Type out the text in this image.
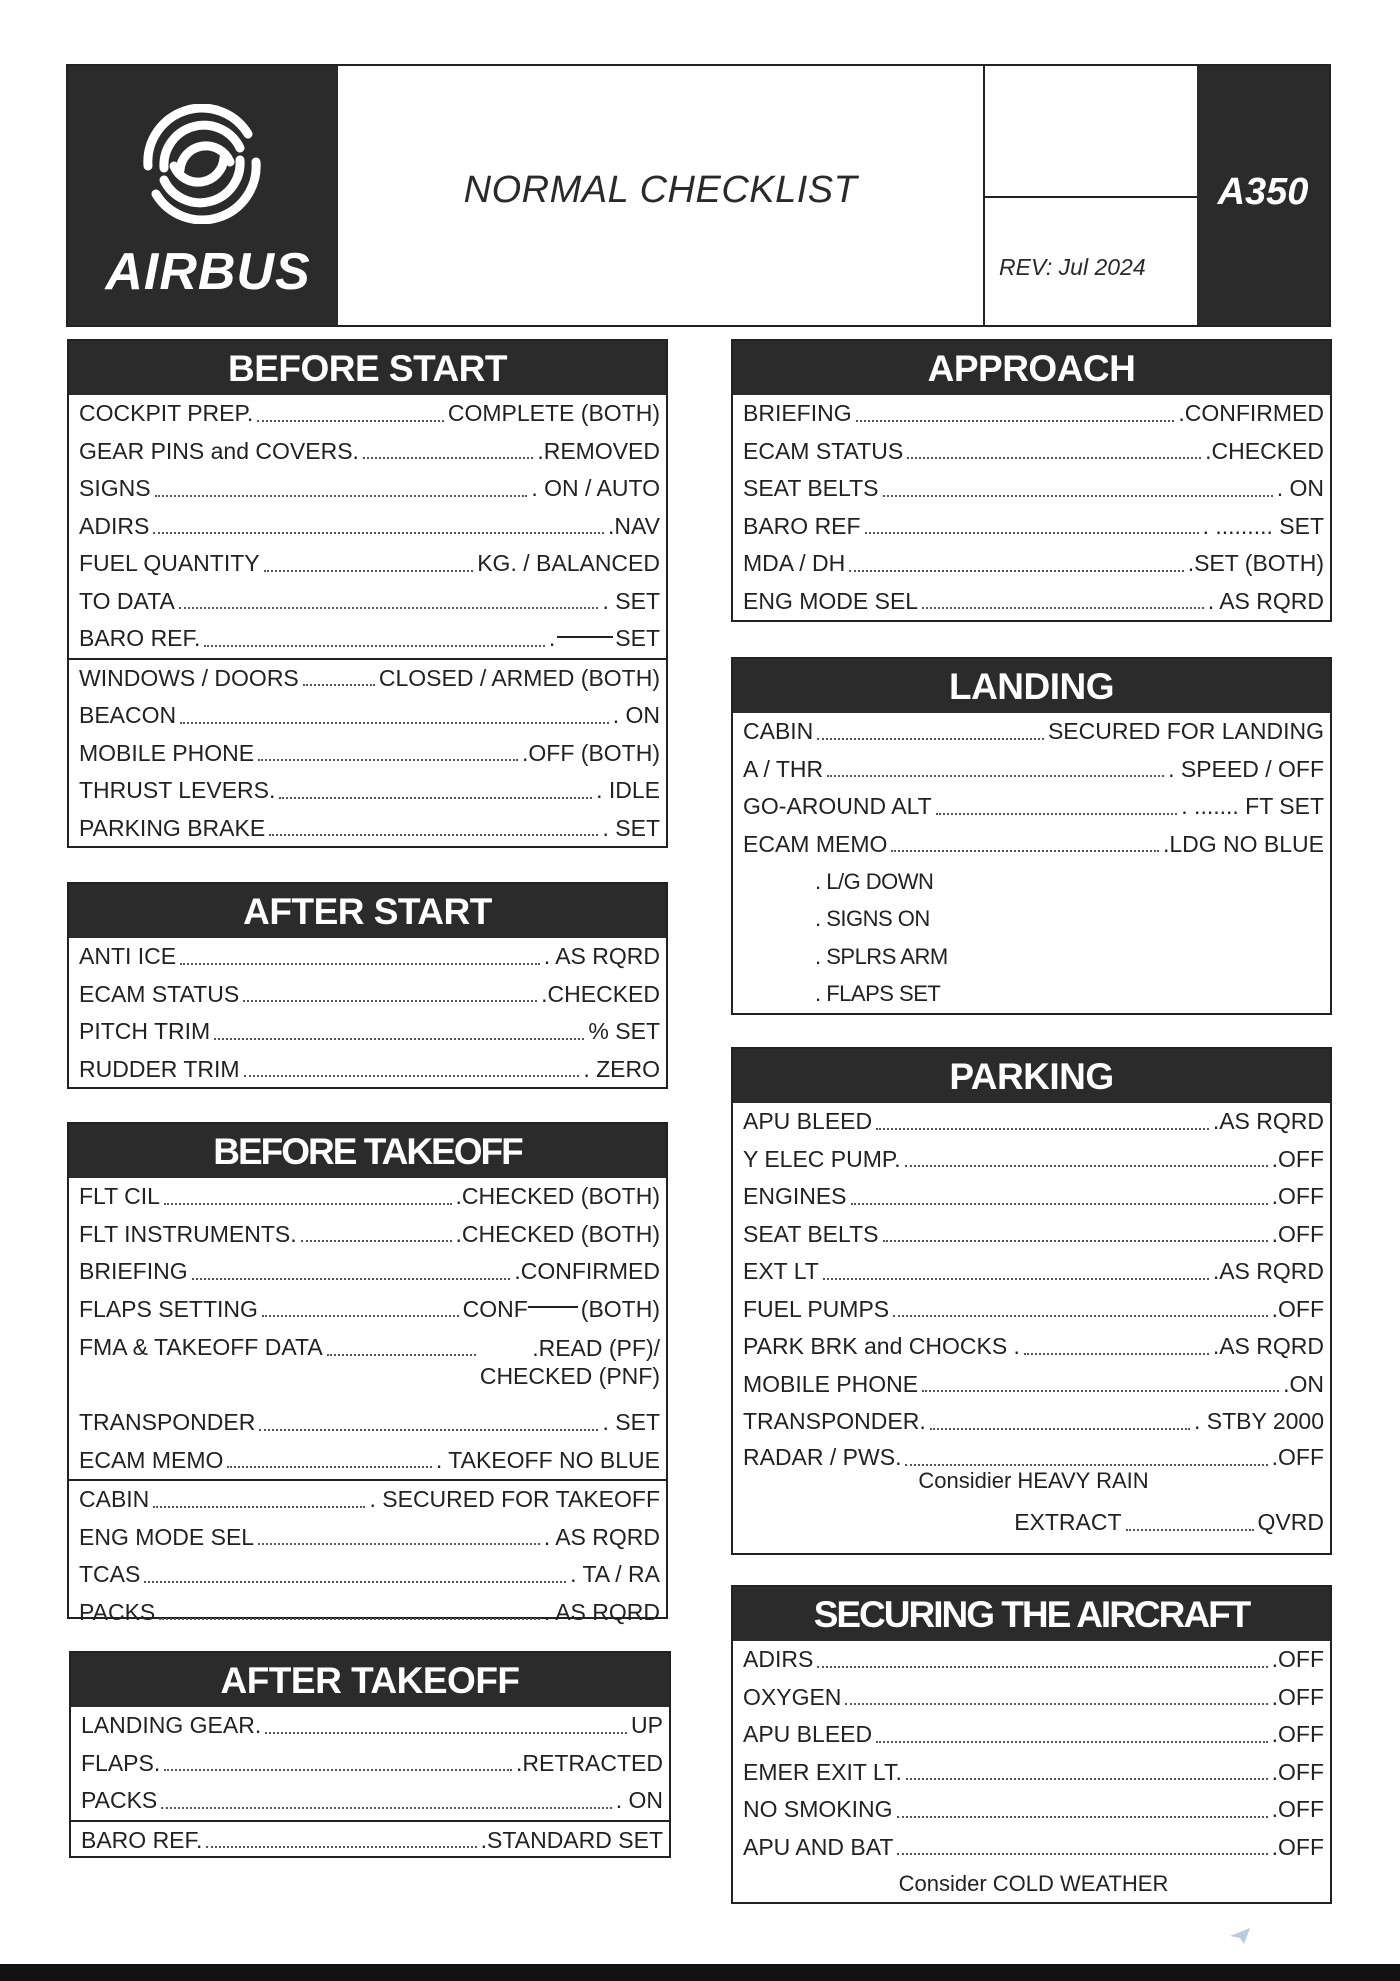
AIRBUS
NORMAL CHECKLIST
REV: Jul 2024
A350
BEFORE START
COCKPIT PREP.	COMPLETE (BOTH)
GEAR PINS and COVERS.	.REMOVED
SIGNS	. ON / AUTO
ADIRS	.NAV
FUEL QUANTITY	KG. / BALANCED
TO DATA	. SET
BARO REF.	.	SET
WINDOWS / DOORS	CLOSED / ARMED (BOTH)
BEACON	. ON
MOBILE PHONE	.OFF (BOTH)
THRUST LEVERS.	. IDLE
PARKING BRAKE	. SET
AFTER START
ANTI ICE	. AS RQRD
ECAM STATUS	.CHECKED
PITCH TRIM	% SET
RUDDER TRIM	. ZERO
BEFORE TAKEOFF
FLT CIL	.CHECKED (BOTH)
FLT INSTRUMENTS.	.CHECKED (BOTH)
BRIEFING	.CONFIRMED
FLAPS SETTING	CONF (BOTH)
FMA & TAKEOFF DATA	.READ (PF)/
CHECKED (PNF)
TRANSPONDER	. SET
ECAM MEMO	. TAKEOFF NO BLUE
CABIN	. SECURED FOR TAKEOFF
ENG MODE SEL	. AS RQRD
TCAS	. TA / RA
PACKS	. AS RQRD
AFTER TAKEOFF
LANDING GEAR.	UP
FLAPS.	.RETRACTED
PACKS	. ON
BARO REF.	.STANDARD SET
APPROACH
BRIEFING	.CONFIRMED
ECAM STATUS	.CHECKED
SEAT BELTS	. ON
BARO REF	. ......... SET
MDA / DH	.SET (BOTH)
ENG MODE SEL	. AS RQRD
LANDING
CABIN	SECURED FOR LANDING
A / THR	. SPEED / OFF
GO-AROUND ALT	. ....... FT SET
ECAM MEMO	.LDG NO BLUE
. L/G DOWN
. SIGNS ON
. SPLRS ARM
. FLAPS SET
PARKING
APU BLEED	.AS RQRD
Y ELEC PUMP.	.OFF
ENGINES	.OFF
SEAT BELTS	.OFF
EXT LT	.AS RQRD
FUEL PUMPS	.OFF
PARK BRK and CHOCKS .	.AS RQRD
MOBILE PHONE	.ON
TRANSPONDER.	. STBY 2000
RADAR / PWS.	.OFF
Considier HEAVY RAIN
EXTRACT	QVRD
SECURING THE AIRCRAFT
ADIRS	.OFF
OXYGEN	.OFF
APU BLEED	.OFF
EMER EXIT LT.	.OFF
NO SMOKING	.OFF
APU AND BAT	.OFF
Consider COLD WEATHER
